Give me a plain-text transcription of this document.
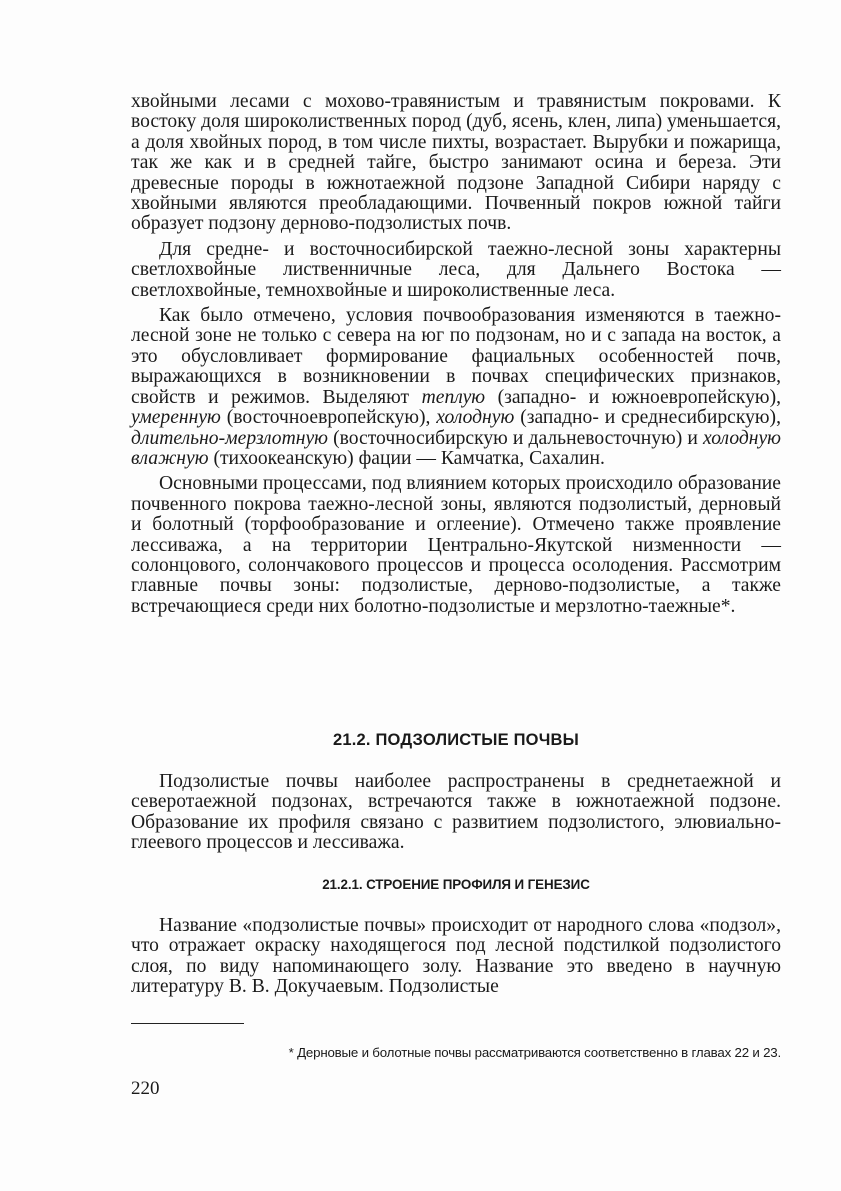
хвойными лесами с мохово-травянистым и травянистым покровами. К востоку доля широколиственных пород (дуб, ясень, клен, липа) уменьшается, а доля хвойных пород, в том числе пихты, возрастает. Вырубки и пожарища, так же как и в средней тайге, быстро занимают осина и береза. Эти древесные породы в южнотаежной подзоне Западной Сибири наряду с хвойными являются преобладающими. Почвенный покров южной тайги образует подзону дерново-подзолистых почв.

Для средне- и восточносибирской таежно-лесной зоны характерны светлохвойные лиственничные леса, для Дальнего Востока — светлохвойные, темнохвойные и широколиственные леса.

Как было отмечено, условия почвообразования изменяются в таежно-лесной зоне не только с севера на юг по подзонам, но и с запада на восток, а это обусловливает формирование фациальных особенностей почв, выражающихся в возникновении в почвах специфических признаков, свойств и режимов. Выделяют теплую (западно- и южноевропейскую), умеренную (восточноевропейскую), холодную (западно- и среднесибирскую), длительно-мерзлотную (восточносибирскую и дальневосточную) и холодную влажную (тихоокеанскую) фации — Камчатка, Сахалин.

Основными процессами, под влиянием которых происходило образование почвенного покрова таежно-лесной зоны, являются подзолистый, дерновый и болотный (торфообразование и оглеение). Отмечено также проявление лессиважа, а на территории Центрально-Якутской низменности — солонцового, солончакового процессов и процесса осолодения. Рассмотрим главные почвы зоны: подзолистые, дерново-подзолистые, а также встречающиеся среди них болотно-подзолистые и мерзлотно-таежные*.

21.2. ПОДЗОЛИСТЫЕ ПОЧВЫ

Подзолистые почвы наиболее распространены в среднетаежной и северотаежной подзонах, встречаются также в южнотаежной подзоне. Образование их профиля связано с развитием подзолистого, элювиально-глеевого процессов и лессиважа.

21.2.1. СТРОЕНИЕ ПРОФИЛЯ И ГЕНЕЗИС

Название «подзолистые почвы» происходит от народного слова «подзол», что отражает окраску находящегося под лесной подстилкой подзолистого слоя, по виду напоминающего золу. Название это введено в научную литературу В. В. Докучаевым. Подзолистые

* Дерновые и болотные почвы рассматриваются соответственно в главах 22 и 23.
220
